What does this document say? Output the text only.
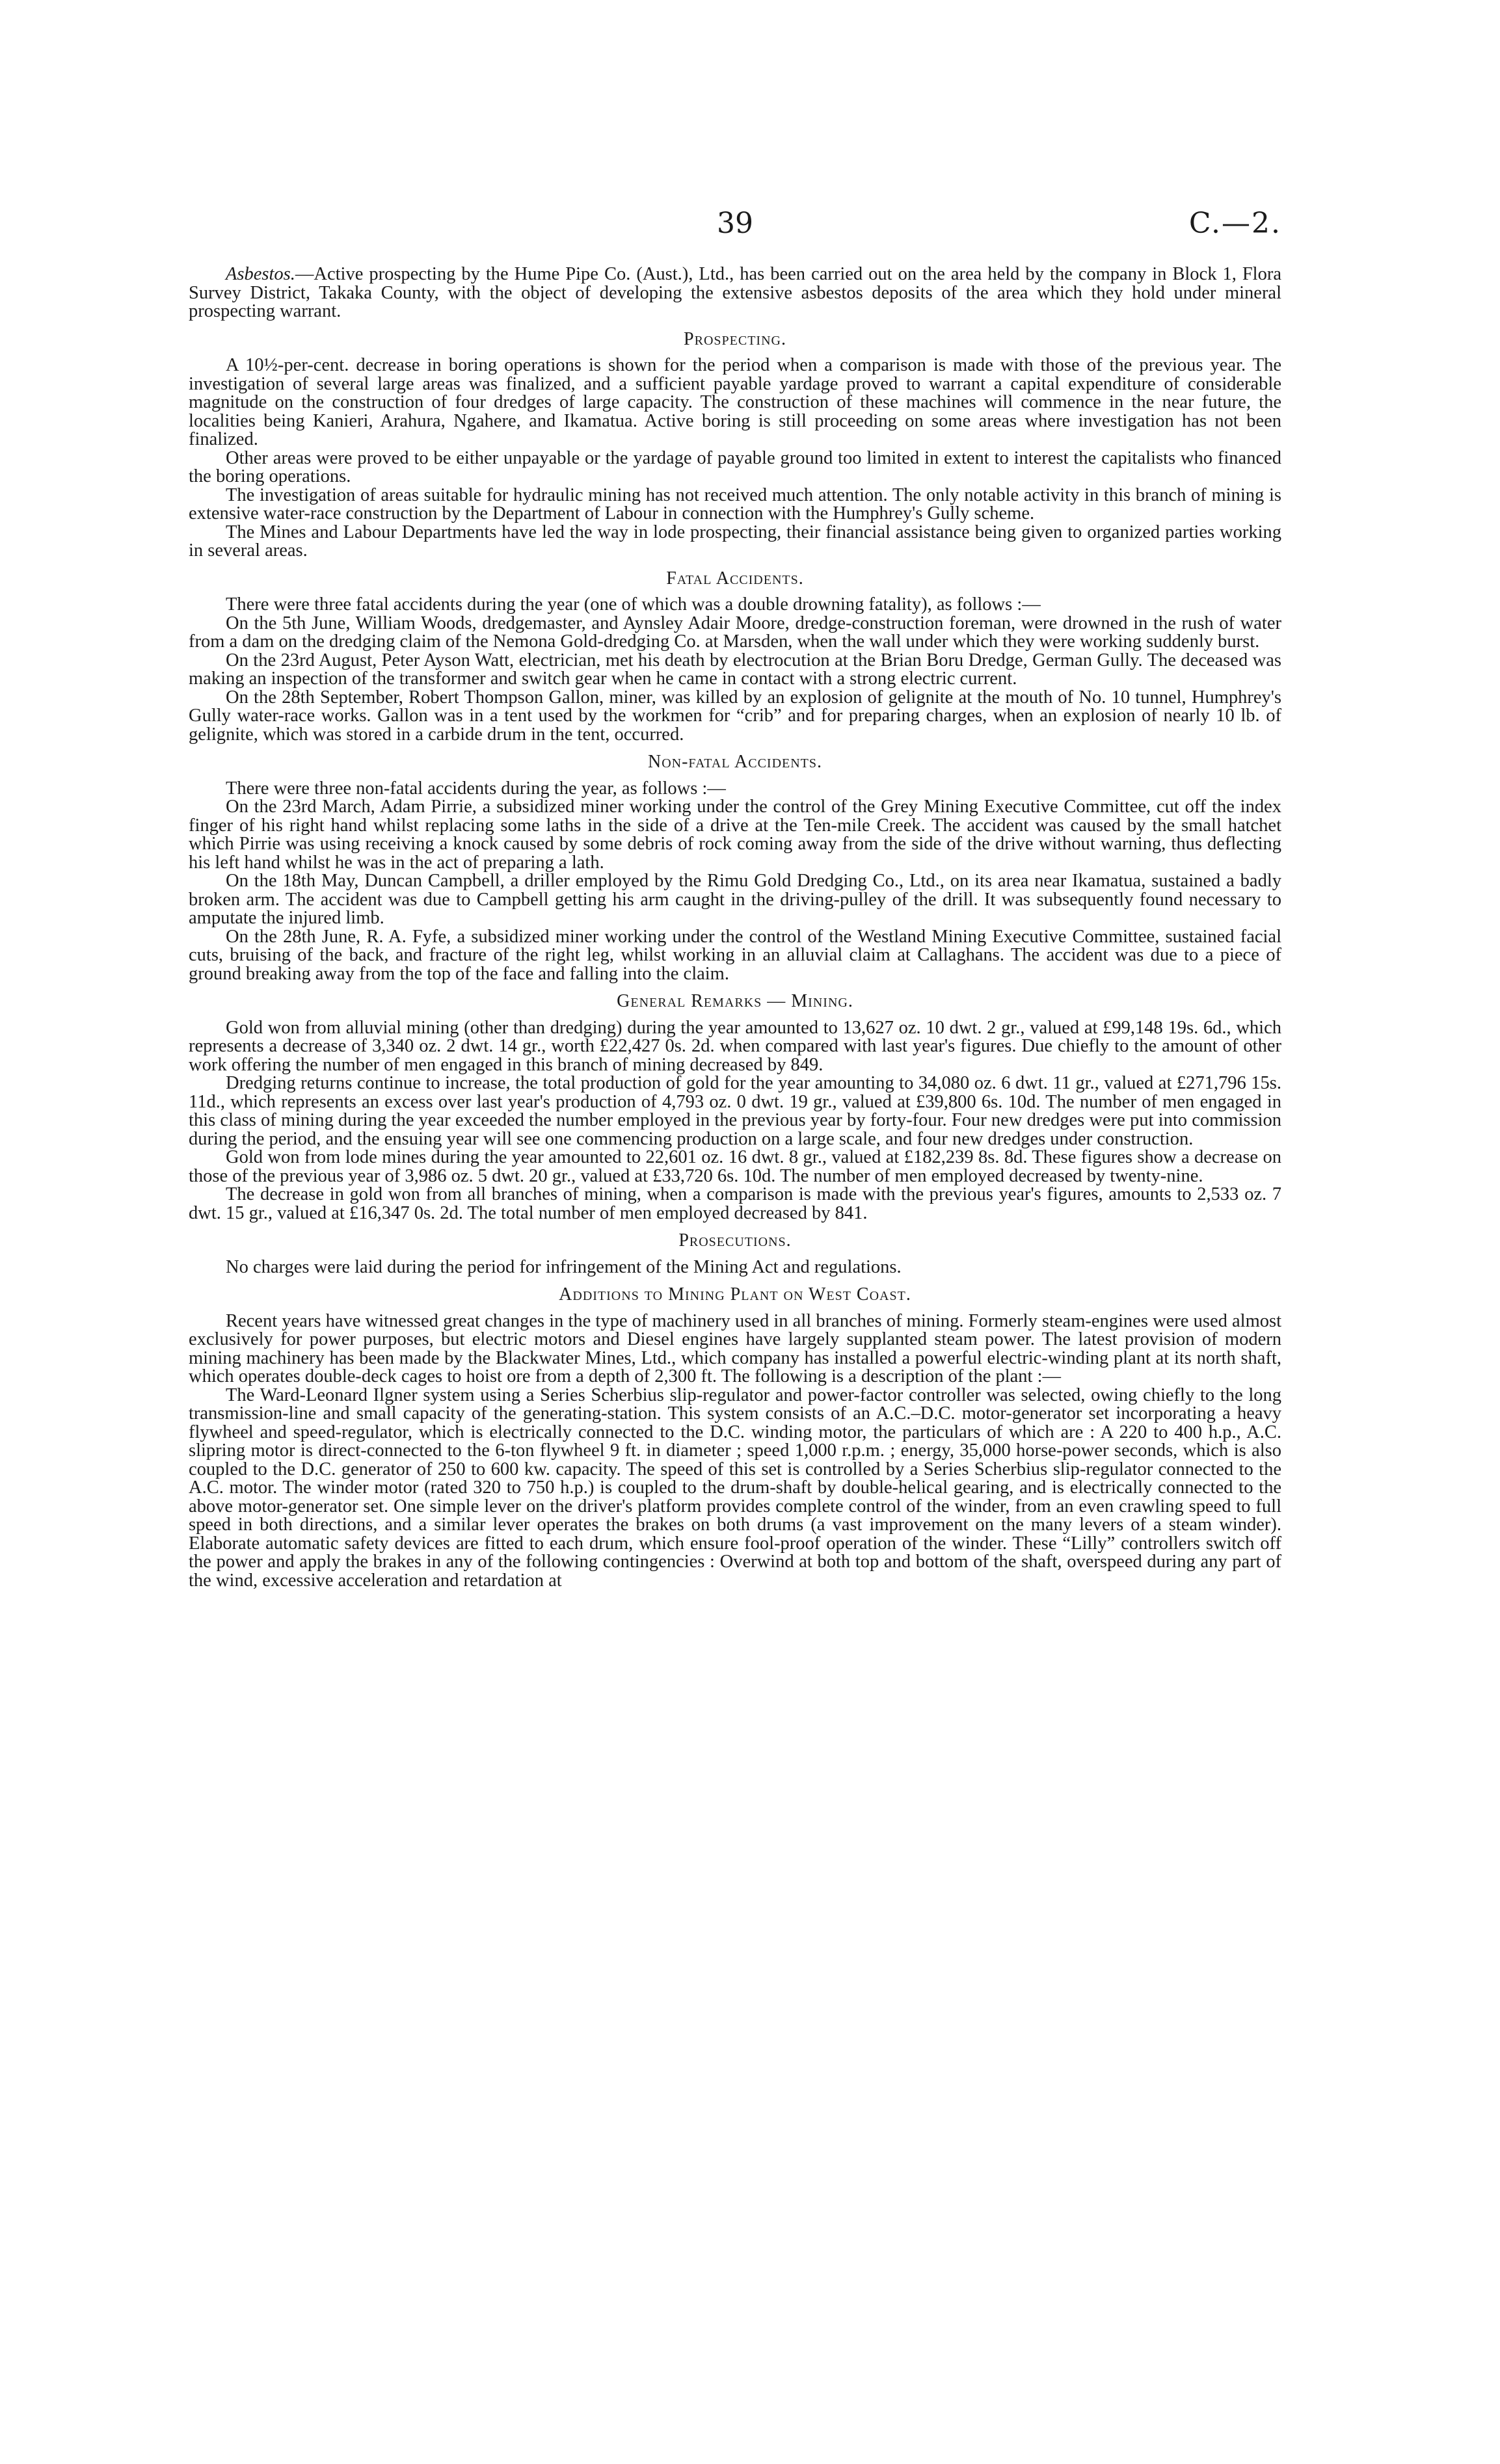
39	C.—2.

  Asbestos.—Active prospecting by the Hume Pipe Co. (Aust.), Ltd., has been carried out on the area held by the company in Block 1, Flora Survey District, Takaka County, with the object of developing the extensive asbestos deposits of the area which they hold under mineral prospecting warrant.

Prospecting.

  A 10½-per-cent. decrease in boring operations is shown for the period when a comparison is made with those of the previous year. The investigation of several large areas was finalized, and a sufficient payable yardage proved to warrant a capital expenditure of considerable magnitude on the construction of four dredges of large capacity. The construction of these machines will commence in the near future, the localities being Kanieri, Arahura, Ngahere, and Ikamatua. Active boring is still proceeding on some areas where investigation has not been finalized.

  Other areas were proved to be either unpayable or the yardage of payable ground too limited in extent to interest the capitalists who financed the boring operations.

  The investigation of areas suitable for hydraulic mining has not received much attention. The only notable activity in this branch of mining is extensive water-race construction by the Department of Labour in connection with the Humphrey's Gully scheme.

  The Mines and Labour Departments have led the way in lode prospecting, their financial assistance being given to organized parties working in several areas.

Fatal Accidents.

  There were three fatal accidents during the year (one of which was a double drowning fatality), as follows :—

  On the 5th June, William Woods, dredgemaster, and Aynsley Adair Moore, dredge-construction foreman, were drowned in the rush of water from a dam on the dredging claim of the Nemona Gold-dredging Co. at Marsden, when the wall under which they were working suddenly burst.

  On the 23rd August, Peter Ayson Watt, electrician, met his death by electrocution at the Brian Boru Dredge, German Gully. The deceased was making an inspection of the transformer and switch gear when he came in contact with a strong electric current.

  On the 28th September, Robert Thompson Gallon, miner, was killed by an explosion of gelignite at the mouth of No. 10 tunnel, Humphrey's Gully water-race works. Gallon was in a tent used by the workmen for “crib” and for preparing charges, when an explosion of nearly 10 lb. of gelignite, which was stored in a carbide drum in the tent, occurred.

Non-fatal Accidents.

  There were three non-fatal accidents during the year, as follows :—

  On the 23rd March, Adam Pirrie, a subsidized miner working under the control of the Grey Mining Executive Committee, cut off the index finger of his right hand whilst replacing some laths in the side of a drive at the Ten-mile Creek. The accident was caused by the small hatchet which Pirrie was using receiving a knock caused by some debris of rock coming away from the side of the drive without warning, thus deflecting his left hand whilst he was in the act of preparing a lath.

  On the 18th May, Duncan Campbell, a driller employed by the Rimu Gold Dredging Co., Ltd., on its area near Ikamatua, sustained a badly broken arm. The accident was due to Campbell getting his arm caught in the driving-pulley of the drill. It was subsequently found necessary to amputate the injured limb.

  On the 28th June, R. A. Fyfe, a subsidized miner working under the control of the Westland Mining Executive Committee, sustained facial cuts, bruising of the back, and fracture of the right leg, whilst working in an alluvial claim at Callaghans. The accident was due to a piece of ground breaking away from the top of the face and falling into the claim.

General Remarks — Mining.

  Gold won from alluvial mining (other than dredging) during the year amounted to 13,627 oz. 10 dwt. 2 gr., valued at £99,148 19s. 6d., which represents a decrease of 3,340 oz. 2 dwt. 14 gr., worth £22,427 0s. 2d. when compared with last year's figures. Due chiefly to the amount of other work offering the number of men engaged in this branch of mining decreased by 849.

  Dredging returns continue to increase, the total production of gold for the year amounting to 34,080 oz. 6 dwt. 11 gr., valued at £271,796 15s. 11d., which represents an excess over last year's production of 4,793 oz. 0 dwt. 19 gr., valued at £39,800 6s. 10d. The number of men engaged in this class of mining during the year exceeded the number employed in the previous year by forty-four. Four new dredges were put into commission during the period, and the ensuing year will see one commencing production on a large scale, and four new dredges under construction.

  Gold won from lode mines during the year amounted to 22,601 oz. 16 dwt. 8 gr., valued at £182,239 8s. 8d. These figures show a decrease on those of the previous year of 3,986 oz. 5 dwt. 20 gr., valued at £33,720 6s. 10d. The number of men employed decreased by twenty-nine.

  The decrease in gold won from all branches of mining, when a comparison is made with the previous year's figures, amounts to 2,533 oz. 7 dwt. 15 gr., valued at £16,347 0s. 2d. The total number of men employed decreased by 841.

Prosecutions.

  No charges were laid during the period for infringement of the Mining Act and regulations.

Additions to Mining Plant on West Coast.

  Recent years have witnessed great changes in the type of machinery used in all branches of mining. Formerly steam-engines were used almost exclusively for power purposes, but electric motors and Diesel engines have largely supplanted steam power. The latest provision of modern mining machinery has been made by the Blackwater Mines, Ltd., which company has installed a powerful electric-winding plant at its north shaft, which operates double-deck cages to hoist ore from a depth of 2,300 ft. The following is a description of the plant :—

  The Ward-Leonard Ilgner system using a Series Scherbius slip-regulator and power-factor controller was selected, owing chiefly to the long transmission-line and small capacity of the generating-station. This system consists of an A.C.–D.C. motor-generator set incorporating a heavy flywheel and speed-regulator, which is electrically connected to the D.C. winding motor, the particulars of which are : A 220 to 400 h.p., A.C. slipring motor is direct-connected to the 6-ton flywheel 9 ft. in diameter ; speed 1,000 r.p.m. ; energy, 35,000 horse-power seconds, which is also coupled to the D.C. generator of 250 to 600 kw. capacity. The speed of this set is controlled by a Series Scherbius slip-regulator connected to the A.C. motor. The winder motor (rated 320 to 750 h.p.) is coupled to the drum-shaft by double-helical gearing, and is electrically connected to the above motor-generator set. One simple lever on the driver's platform provides complete control of the winder, from an even crawling speed to full speed in both directions, and a similar lever operates the brakes on both drums (a vast improvement on the many levers of a steam winder). Elaborate automatic safety devices are fitted to each drum, which ensure fool-proof operation of the winder. These “Lilly” controllers switch off the power and apply the brakes in any of the following contingencies : Overwind at both top and bottom of the shaft, overspeed during any part of the wind, excessive acceleration and retardation at
